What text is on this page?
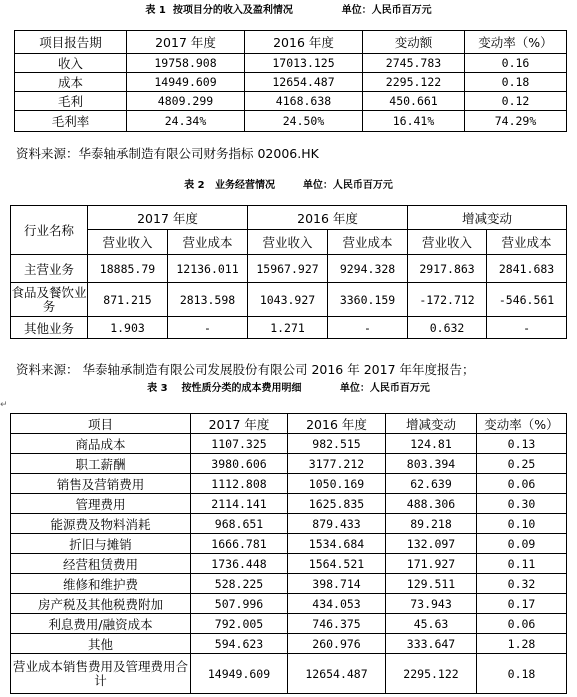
表 1  按项目分的收入及盈利情况              单位：人民币百万元
项目报告期	2017 年度	2016 年度	变动额	变动率（%）
收入	19758.908	17013.125	2745.783	0.16
成本	14949.609	12654.487	2295.122	0.18
毛利	4809.299	4168.638	450.661	0.12
毛利率	24.34%	24.50%	16.41%	74.29%
资料来源：华泰轴承制造有限公司财务指标 02006.HK
表 2   业务经营情况        单位：人民币百万元
行业名称	2017 年度		2016 年度		增减变动	
	营业收入	营业成本	营业收入	营业成本	营业收入	营业成本
主营业务	18885.79	12136.011	15967.927	9294.328	2917.863	2841.683
食品及餐饮业务	871.215	2813.598	1043.927	3360.159	-172.712	-546.561
其他业务	1.903	-	1.271	-	0.632	-
资料来源： 华泰轴承制造有限公司发展股份有限公司 2016 年 2017 年年度报告；
表 3    按性质分类的成本费用明细           单位：人民币百万元
↵
项目	2017 年度	2016 年度	增减变动	变动率（%）
商品成本	1107.325	982.515	124.81	0.13
职工薪酬	3980.606	3177.212	803.394	0.25
销售及营销费用	1112.808	1050.169	62.639	0.06
管理费用	2114.141	1625.835	488.306	0.30
能源费及物料消耗	968.651	879.433	89.218	0.10
折旧与摊销	1666.781	1534.684	132.097	0.09
经营租赁费用	1736.448	1564.521	171.927	0.11
维修和维护费	528.225	398.714	129.511	0.32
房产税及其他税费附加	507.996	434.053	73.943	0.17
利息费用/融资成本	792.005	746.375	45.63	0.06
其他	594.623	260.976	333.647	1.28
营业成本销售费用及管理费用合计	14949.609	12654.487	2295.122	0.18
